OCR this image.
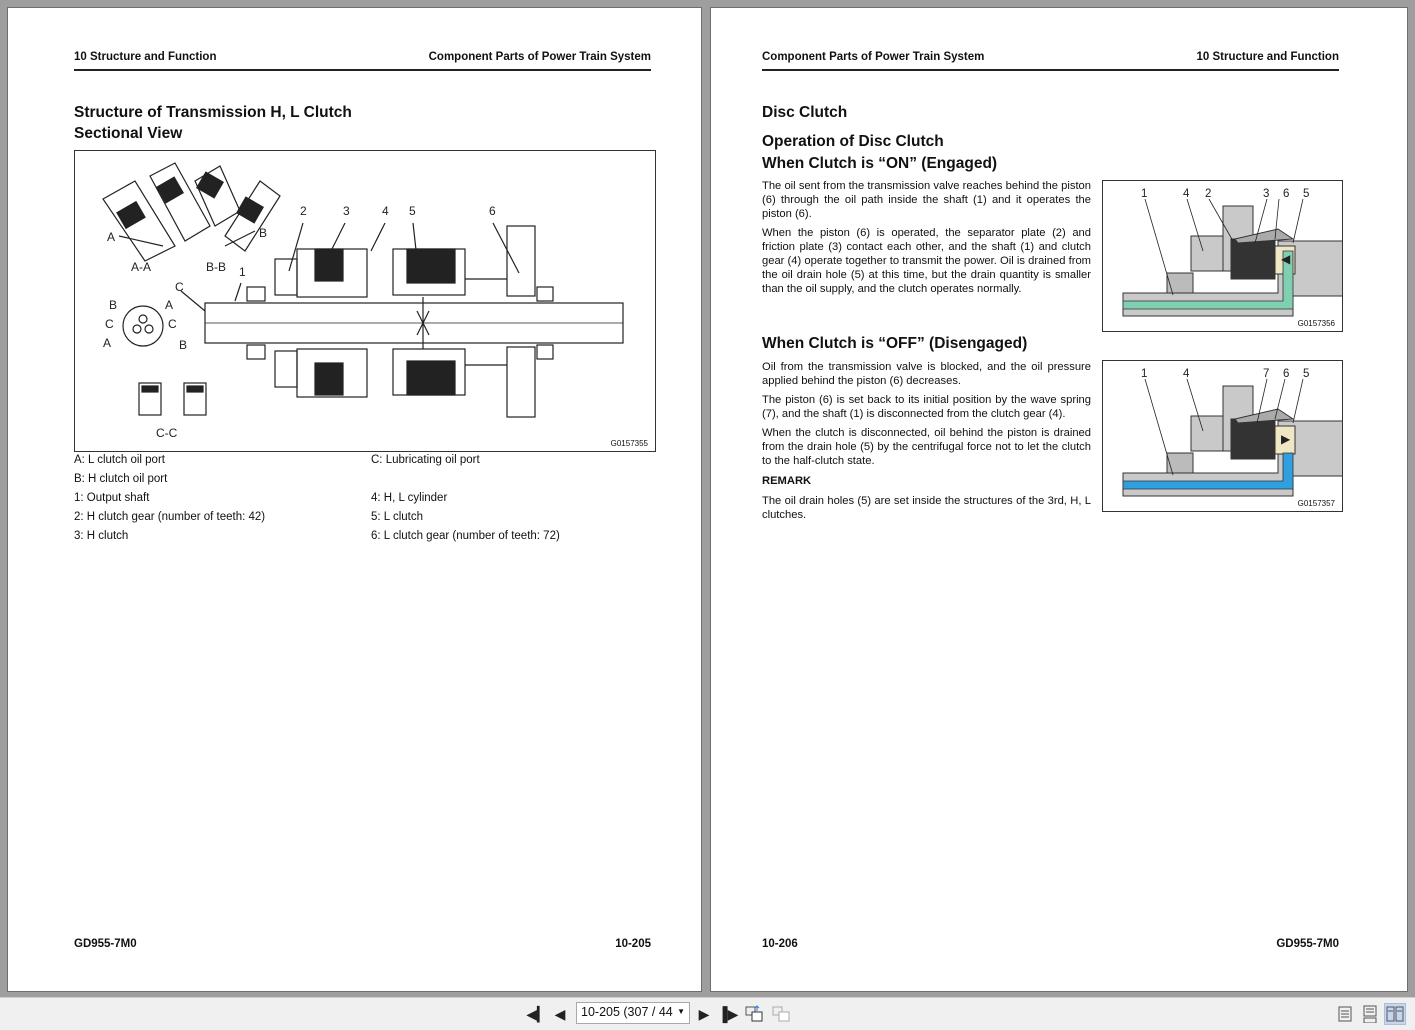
10 Structure and Function	Component Parts of Power Train System
Structure of Transmission H, L Clutch
Sectional View
2	3	4 5	6
1
A-A	B-B
C-C
A	B
C
B	A
C	C
A	B
G0157355
A: L clutch oil port	C: Lubricating oil port
B: H clutch oil port
1: Output shaft	4: H, L cylinder
2: H clutch gear (number of teeth: 42)	5: L clutch
3: H clutch	6: L clutch gear (number of teeth: 72)
GD955-7M0	10-205
Component Parts of Power Train System	10 Structure and Function
Disc Clutch
Operation of Disc Clutch
When Clutch is “ON” (Engaged)

The oil sent from the transmission valve reaches behind the piston (6) through the oil path inside the shaft (1) and it operates the piston (6).

When the piston (6) is operated, the separator plate (2) and friction plate (3) contact each other, and the shaft (1) and clutch gear (4) operate together to transmit the power. Oil is drained from the oil drain hole (5) at this time, but the drain quantity is smaller than the oil supply, and the clutch operates normally.

◀
1	4 2	3 6 5
G0157356
When Clutch is “OFF” (Disengaged)

Oil from the transmission valve is blocked, and the oil pressure applied behind the piston (6) decreases.

The piston (6) is set back to its initial position by the wave spring (7), and the shaft (1) is disconnected from the clutch gear (4).

When the clutch is disconnected, oil behind the piston is drained from the drain hole (5) by the centrifugal force not to let the clutch to the half-clutch state.

REMARK

The oil drain holes (5) are set inside the structures of the 3rd, H, L clutches.

▶
1	4	7 6 5
G0157357
10-206	GD955-7M0
◀▎ ◀	10-205 (307 / 44 ▼ ▶ ▐▶
